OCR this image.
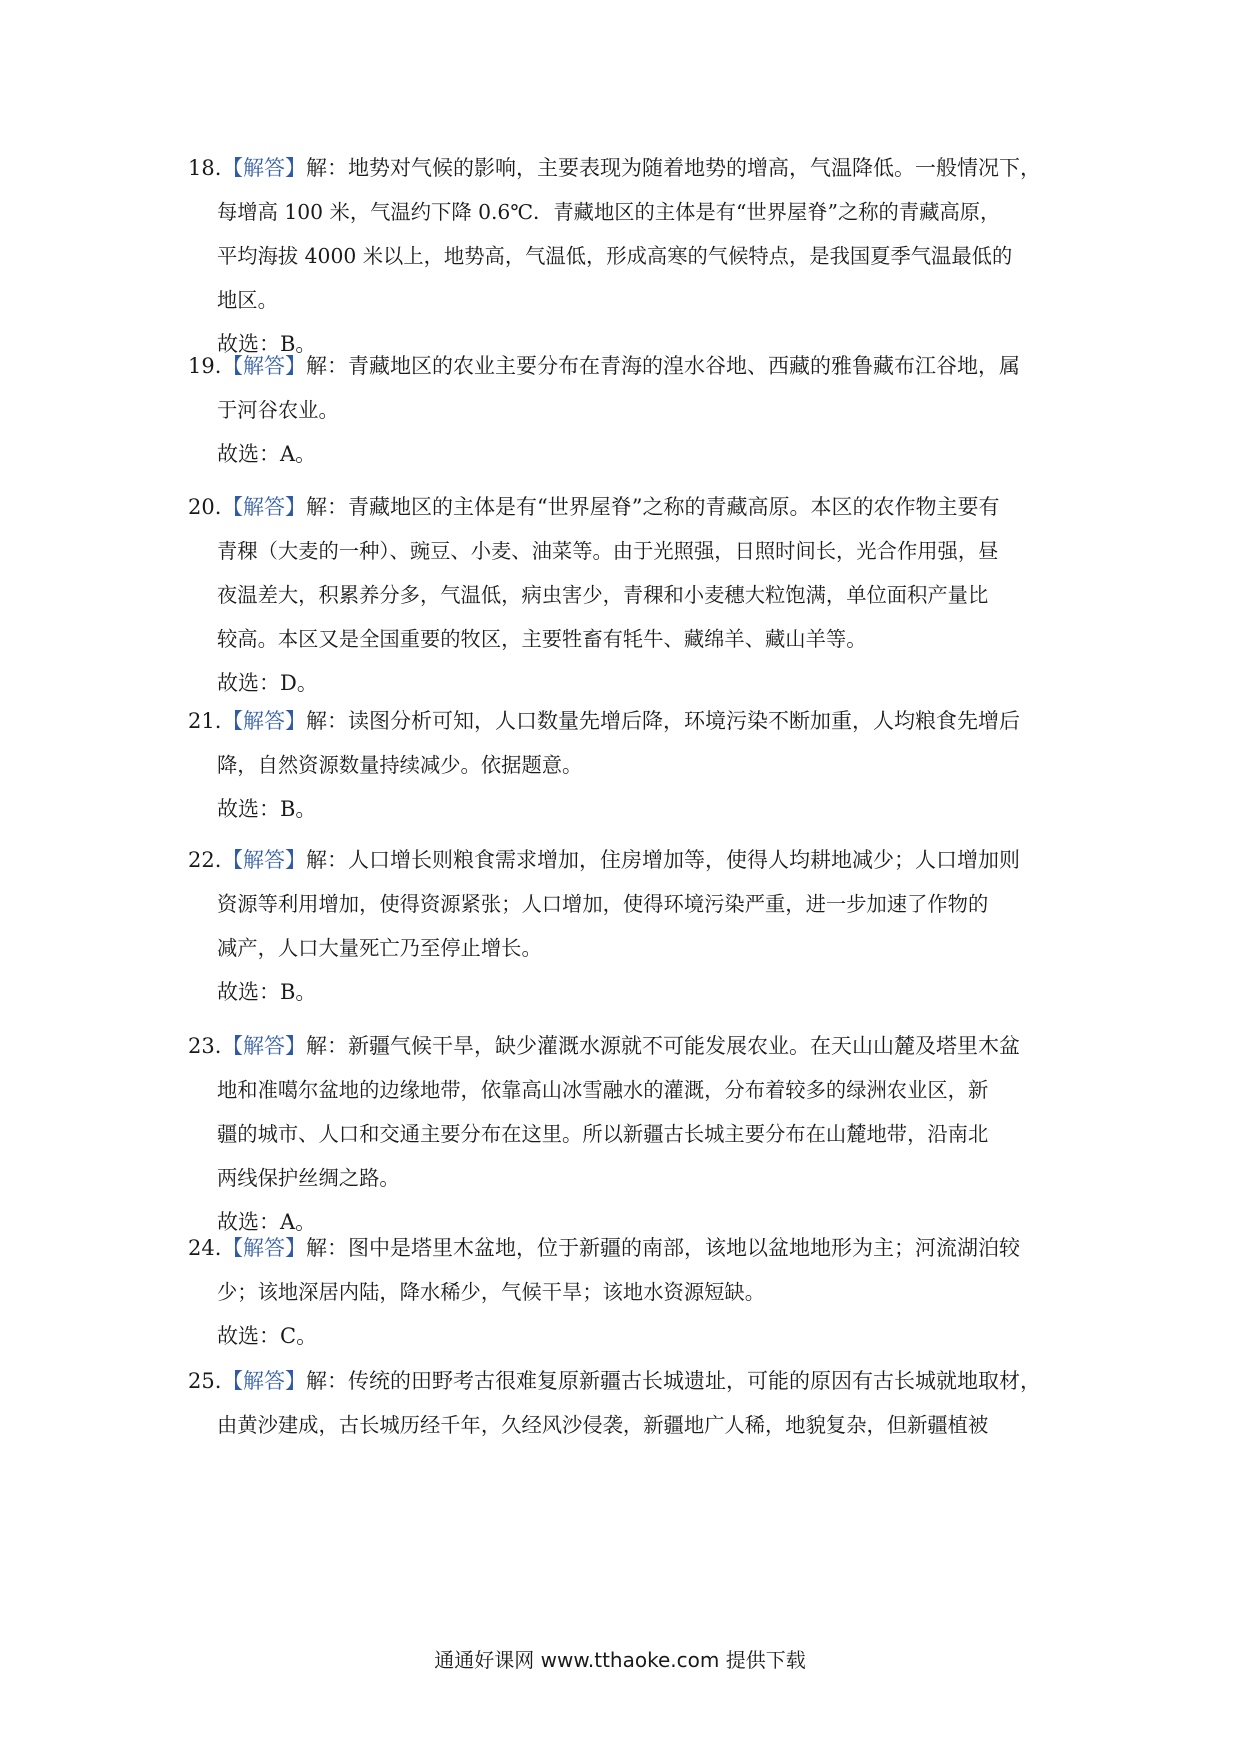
18. 【解答】解：地势对气候的影响，主要表现为随着地势的增高，气温降低。一般情况下，
每增高 100 米，气温约下降 0.6℃．青藏地区的主体是有“世界屋脊”之称的青藏高原，
平均海拔 4000 米以上，地势高，气温低，形成高寒的气候特点，是我国夏季气温最低的
地区。
故选：B。
19. 【解答】解：青藏地区的农业主要分布在青海的湟水谷地、西藏的雅鲁藏布江谷地，属
于河谷农业。
故选：A。
20. 【解答】解：青藏地区的主体是有“世界屋脊”之称的青藏高原。本区的农作物主要有
青稞（大麦的一种）、豌豆、小麦、油菜等。由于光照强，日照时间长，光合作用强，昼
夜温差大，积累养分多，气温低，病虫害少，青稞和小麦穗大粒饱满，单位面积产量比
较高。本区又是全国重要的牧区，主要牲畜有牦牛、藏绵羊、藏山羊等。
故选：D。
21. 【解答】解：读图分析可知，人口数量先增后降，环境污染不断加重，人均粮食先增后
降，自然资源数量持续减少。依据题意。
故选：B。
22. 【解答】解：人口增长则粮食需求增加，住房增加等，使得人均耕地减少；人口增加则
资源等利用增加，使得资源紧张；人口增加，使得环境污染严重，进一步加速了作物的
减产，人口大量死亡乃至停止增长。
故选：B。
23. 【解答】解：新疆气候干旱，缺少灌溉水源就不可能发展农业。在天山山麓及塔里木盆
地和准噶尔盆地的边缘地带，依靠高山冰雪融水的灌溉，分布着较多的绿洲农业区，新
疆的城市、人口和交通主要分布在这里。所以新疆古长城主要分布在山麓地带，沿南北
两线保护丝绸之路。
故选：A。
24. 【解答】解：图中是塔里木盆地，位于新疆的南部，该地以盆地地形为主；河流湖泊较
少；该地深居内陆，降水稀少，气候干旱；该地水资源短缺。
故选：C。
25. 【解答】解：传统的田野考古很难复原新疆古长城遗址，可能的原因有古长城就地取材，
由黄沙建成，古长城历经千年，久经风沙侵袭，新疆地广人稀，地貌复杂，但新疆植被
通通好课网 www.tthaoke.com 提供下载
